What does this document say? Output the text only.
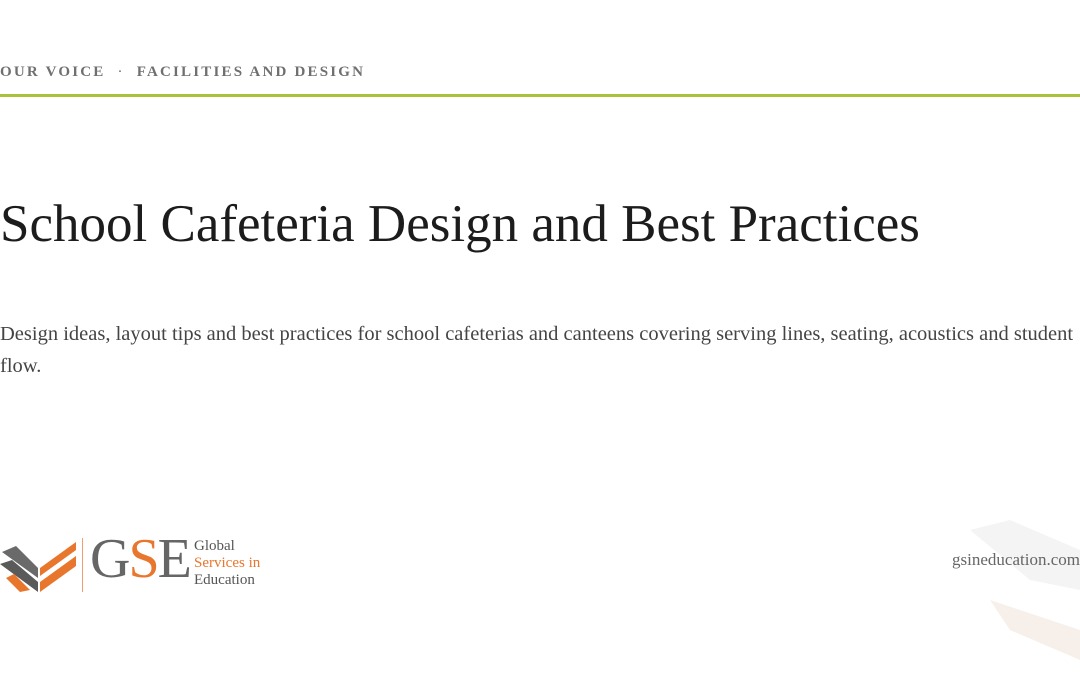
OUR VOICE · FACILITIES AND DESIGN
School Cafeteria Design and Best Practices

Design ideas, layout tips and best practices for school cafeterias and canteens covering serving lines, seating, acoustics and student flow.

GSE Global
Services in
Education
gsineducation.com
